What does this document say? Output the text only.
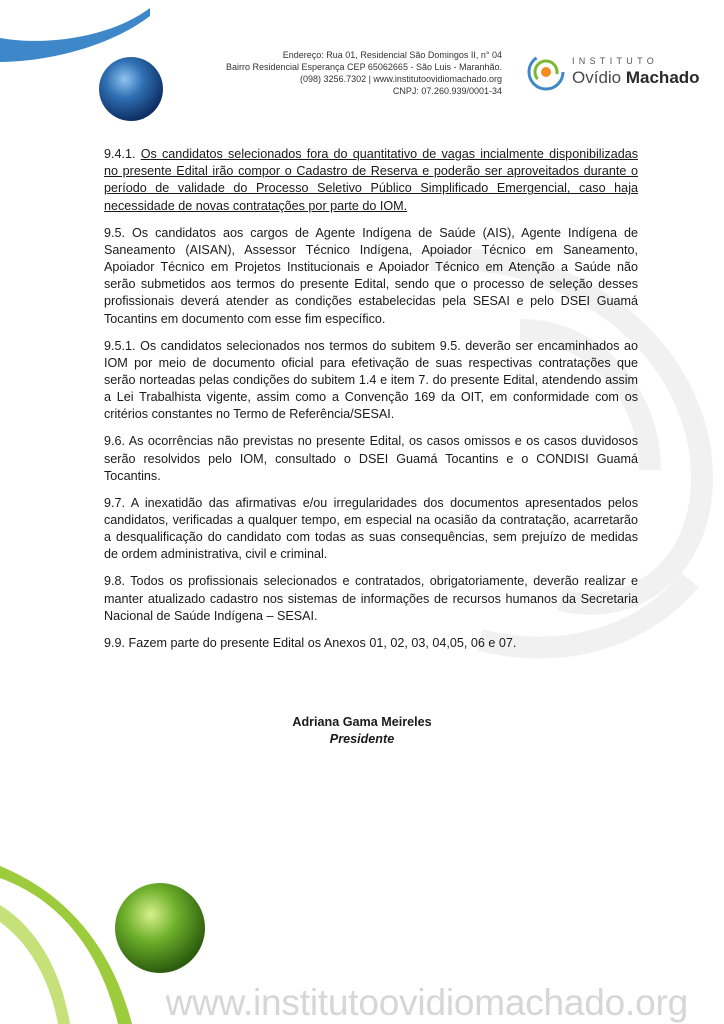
Endereço: Rua 01, Residencial São Domingos II, n° 04
Bairro Residencial Esperança CEP 65062665 - São Luis - Maranhão.
(098) 3256.7302 | www.institutoovidiomachado.org
CNPJ: 07.260.939/0001-34
INSTITUTO
Ovídio Machado

9.4.1. Os candidatos selecionados fora do quantitativo de vagas incialmente disponibilizadas no presente Edital irão compor o Cadastro de Reserva e poderão ser aproveitados durante o período de validade do Processo Seletivo Público Simplificado Emergencial, caso haja necessidade de novas contratações por parte do IOM.

9.5. Os candidatos aos cargos de Agente Indígena de Saúde (AIS), Agente Indígena de Saneamento (AISAN), Assessor Técnico Indígena, Apoiador Técnico em Saneamento, Apoiador Técnico em Projetos Institucionais e Apoiador Técnico em Atenção a Saúde não serão submetidos aos termos do presente Edital, sendo que o processo de seleção desses profissionais deverá atender as condições estabelecidas pela SESAI e pelo DSEI Guamá Tocantins em documento com esse fim específico.

9.5.1. Os candidatos selecionados nos termos do subitem 9.5. deverão ser encaminhados ao IOM por meio de documento oficial para efetivação de suas respectivas contratações que serão norteadas pelas condições do subitem 1.4 e item 7. do presente Edital, atendendo assim a Lei Trabalhista vigente, assim como a Convenção 169 da OIT, em conformidade com os critérios constantes no Termo de Referência/SESAI.

9.6. As ocorrências não previstas no presente Edital, os casos omissos e os casos duvidosos serão resolvidos pelo IOM, consultado o DSEI Guamá Tocantins e o CONDISI Guamá Tocantins.

9.7. A inexatidão das afirmativas e/ou irregularidades dos documentos apresentados pelos candidatos, verificadas a qualquer tempo, em especial na ocasião da contratação, acarretarão a desqualificação do candidato com todas as suas consequências, sem prejuízo de medidas de ordem administrativa, civil e criminal.

9.8. Todos os profissionais selecionados e contratados, obrigatoriamente, deverão realizar e manter atualizado cadastro nos sistemas de informações de recursos humanos da Secretaria Nacional de Saúde Indígena – SESAI.

9.9. Fazem parte do presente Edital os Anexos 01, 02, 03, 04,05, 06 e 07.

Adriana Gama Meireles
Presidente
www.institutoovidiomachado.org
